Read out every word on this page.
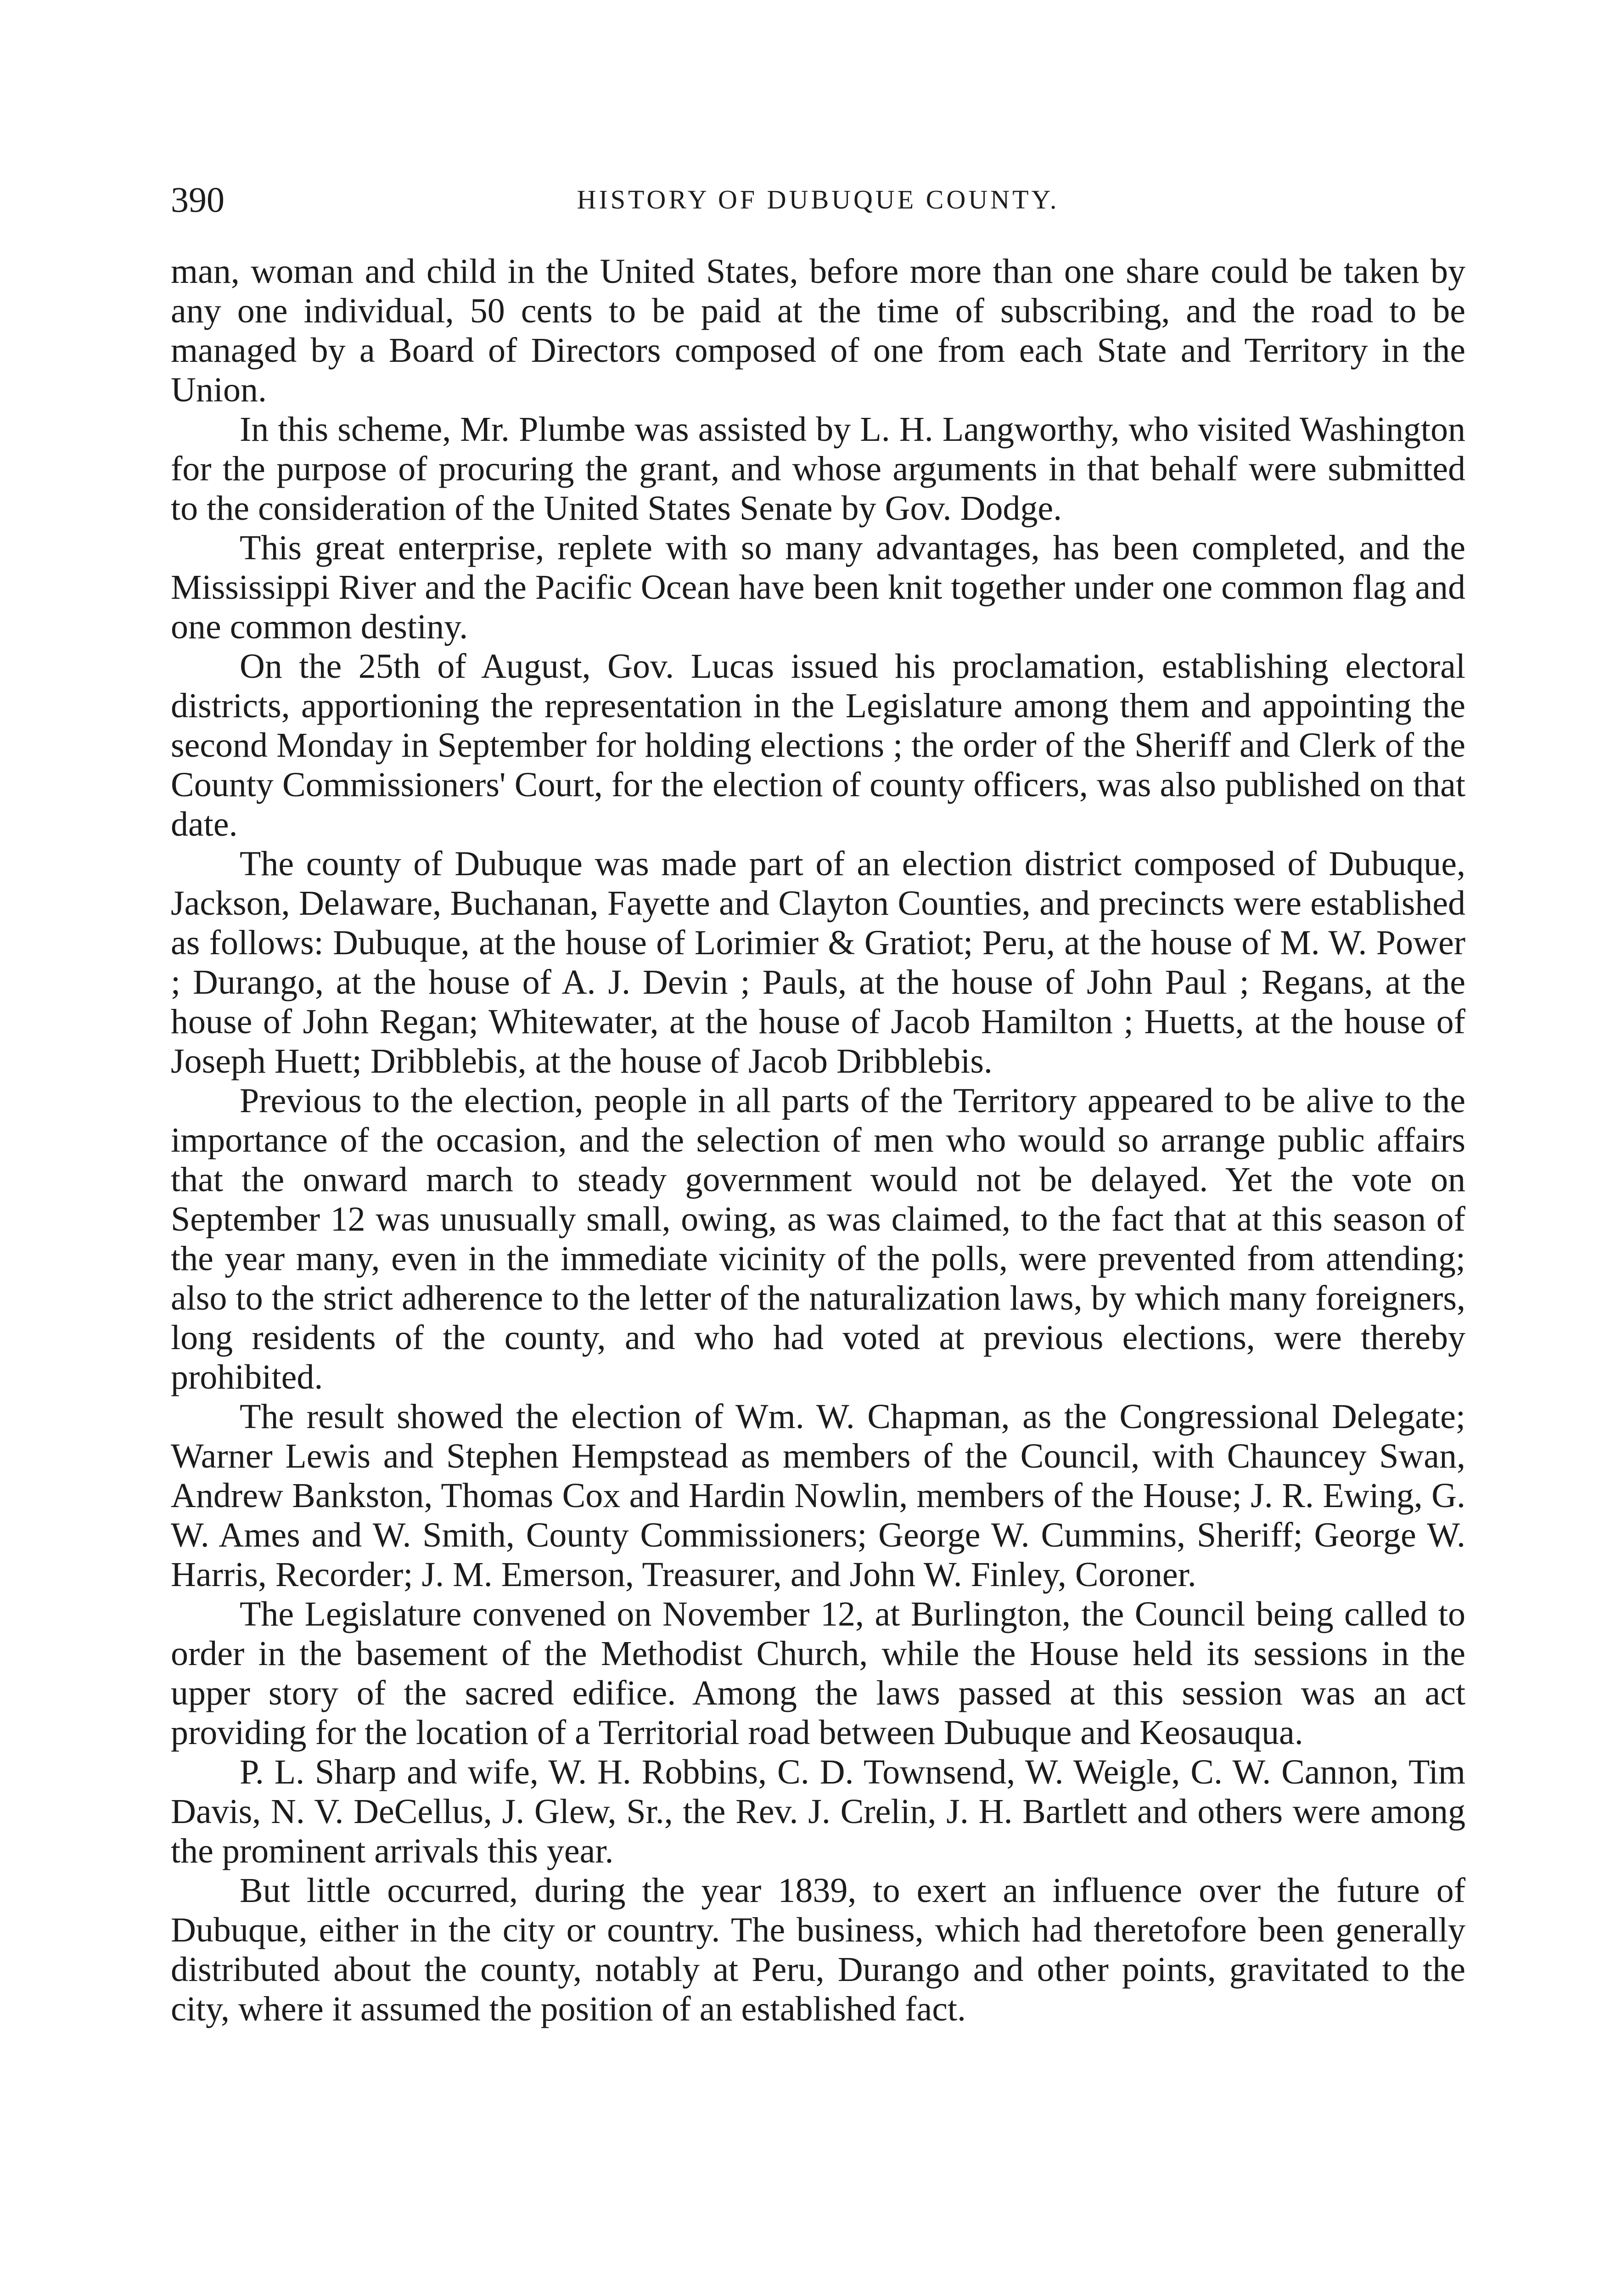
390	HISTORY OF DUBUQUE COUNTY.

man, woman and child in the United States, before more than one share could be taken by any one individual, 50 cents to be paid at the time of subscribing, and the road to be managed by a Board of Directors composed of one from each State and Territory in the Union.

In this scheme, Mr. Plumbe was assisted by L. H. Langworthy, who visited Washington for the purpose of procuring the grant, and whose arguments in that behalf were submitted to the consideration of the United States Senate by Gov. Dodge.

This great enterprise, replete with so many advantages, has been completed, and the Mississippi River and the Pacific Ocean have been knit together under one common flag and one common destiny.

On the 25th of August, Gov. Lucas issued his proclamation, establishing electoral districts, apportioning the representation in the Legislature among them and appointing the second Monday in September for holding elections ; the order of the Sheriff and Clerk of the County Commissioners' Court, for the election of county officers, was also published on that date.

The county of Dubuque was made part of an election district composed of Dubuque, Jackson, Delaware, Buchanan, Fayette and Clayton Counties, and precincts were established as follows: Dubuque, at the house of Lorimier & Gratiot; Peru, at the house of M. W. Power ; Durango, at the house of A. J. Devin ; Pauls, at the house of John Paul ; Regans, at the house of John Regan; Whitewater, at the house of Jacob Hamilton ; Huetts, at the house of Joseph Huett; Dribblebis, at the house of Jacob Dribblebis.

Previous to the election, people in all parts of the Territory appeared to be alive to the importance of the occasion, and the selection of men who would so arrange public affairs that the onward march to steady government would not be delayed. Yet the vote on September 12 was unusually small, owing, as was claimed, to the fact that at this season of the year many, even in the immediate vicinity of the polls, were prevented from attending; also to the strict adherence to the letter of the naturalization laws, by which many foreigners, long residents of the county, and who had voted at previous elections, were thereby prohibited.

The result showed the election of Wm. W. Chapman, as the Congressional Delegate; Warner Lewis and Stephen Hempstead as members of the Council, with Chauncey Swan, Andrew Bankston, Thomas Cox and Hardin Nowlin, members of the House; J. R. Ewing, G. W. Ames and W. Smith, County Commissioners; George W. Cummins, Sheriff; George W. Harris, Recorder; J. M. Emerson, Treasurer, and John W. Finley, Coroner.

The Legislature convened on November 12, at Burlington, the Council being called to order in the basement of the Methodist Church, while the House held its sessions in the upper story of the sacred edifice. Among the laws passed at this session was an act providing for the location of a Territorial road between Dubuque and Keosauqua.

P. L. Sharp and wife, W. H. Robbins, C. D. Townsend, W. Weigle, C. W. Cannon, Tim Davis, N. V. DeCellus, J. Glew, Sr., the Rev. J. Crelin, J. H. Bartlett and others were among the prominent arrivals this year.

But little occurred, during the year 1839, to exert an influence over the future of Dubuque, either in the city or country. The business, which had theretofore been generally distributed about the county, notably at Peru, Durango and other points, gravitated to the city, where it assumed the position of an established fact.
